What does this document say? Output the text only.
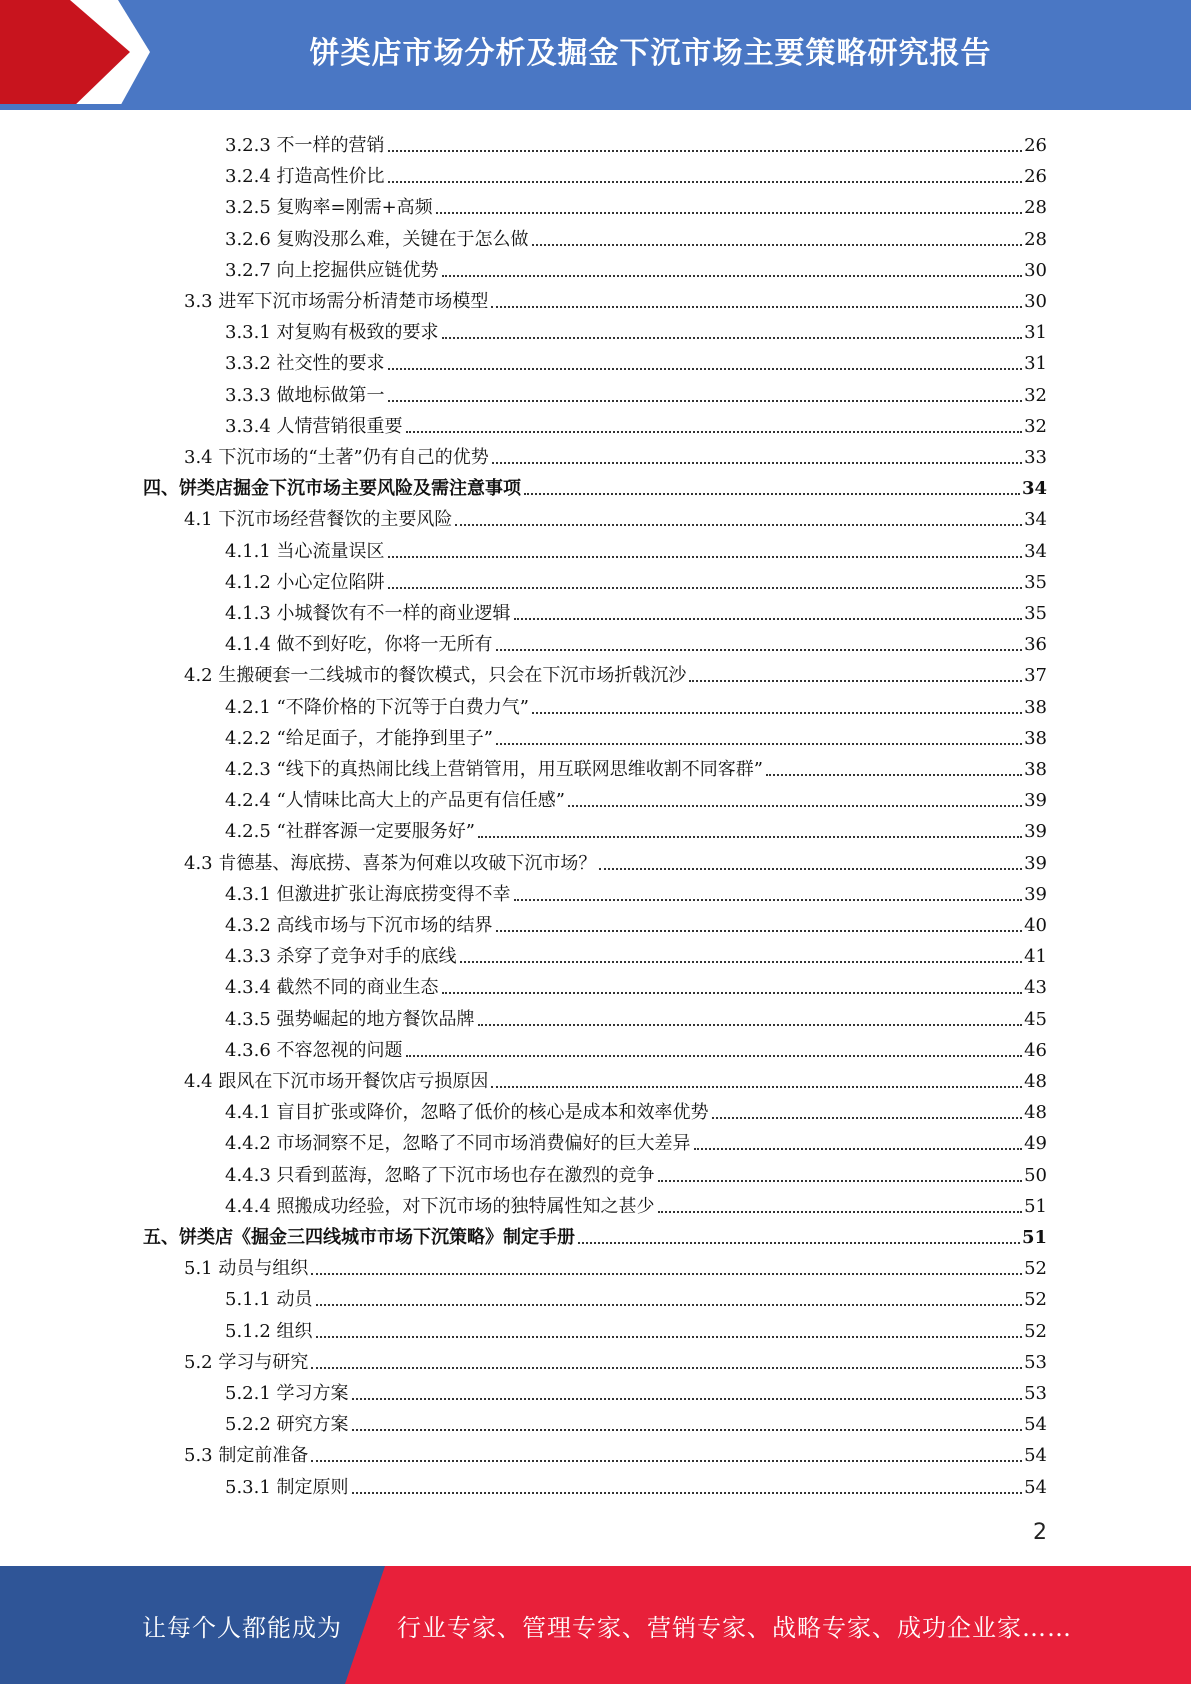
饼类店市场分析及掘金下沉市场主要策略研究报告
3.2.3 不一样的营销	26
3.2.4 打造高性价比	26
3.2.5 复购率=刚需+高频	28
3.2.6 复购没那么难，关键在于怎么做	28
3.2.7 向上挖掘供应链优势	30
3.3 进军下沉市场需分析清楚市场模型	30
3.3.1 对复购有极致的要求	31
3.3.2 社交性的要求	31
3.3.3 做地标做第一	32
3.3.4 人情营销很重要	32
3.4 下沉市场的“土著”仍有自己的优势	33
四、饼类店掘金下沉市场主要风险及需注意事项	34
4.1 下沉市场经营餐饮的主要风险	34
4.1.1 当心流量误区	34
4.1.2 小心定位陷阱	35
4.1.3 小城餐饮有不一样的商业逻辑	35
4.1.4 做不到好吃，你将一无所有	36
4.2 生搬硬套一二线城市的餐饮模式，只会在下沉市场折戟沉沙	37
4.2.1 “不降价格的下沉等于白费力气”	38
4.2.2 “给足面子，才能挣到里子”	38
4.2.3 “线下的真热闹比线上营销管用，用互联网思维收割不同客群”	38
4.2.4 “人情味比高大上的产品更有信任感”	39
4.2.5 “社群客源一定要服务好”	39
4.3 肯德基、海底捞、喜茶为何难以攻破下沉市场？	39
4.3.1 但激进扩张让海底捞变得不幸	39
4.3.2 高线市场与下沉市场的结界	40
4.3.3 杀穿了竞争对手的底线	41
4.3.4 截然不同的商业生态	43
4.3.5 强势崛起的地方餐饮品牌	45
4.3.6 不容忽视的问题	46
4.4 跟风在下沉市场开餐饮店亏损原因	48
4.4.1 盲目扩张或降价，忽略了低价的核心是成本和效率优势	48
4.4.2 市场洞察不足，忽略了不同市场消费偏好的巨大差异	49
4.4.3 只看到蓝海，忽略了下沉市场也存在激烈的竞争	50
4.4.4 照搬成功经验，对下沉市场的独特属性知之甚少	51
五、饼类店《掘金三四线城市市场下沉策略》制定手册	51
5.1 动员与组织	52
5.1.1 动员	52
5.1.2 组织	52
5.2 学习与研究	53
5.2.1 学习方案	53
5.2.2 研究方案	54
5.3 制定前准备	54
5.3.1 制定原则	54
2
让每个人都能成为 行业专家、管理专家、营销专家、战略专家、成功企业家……
